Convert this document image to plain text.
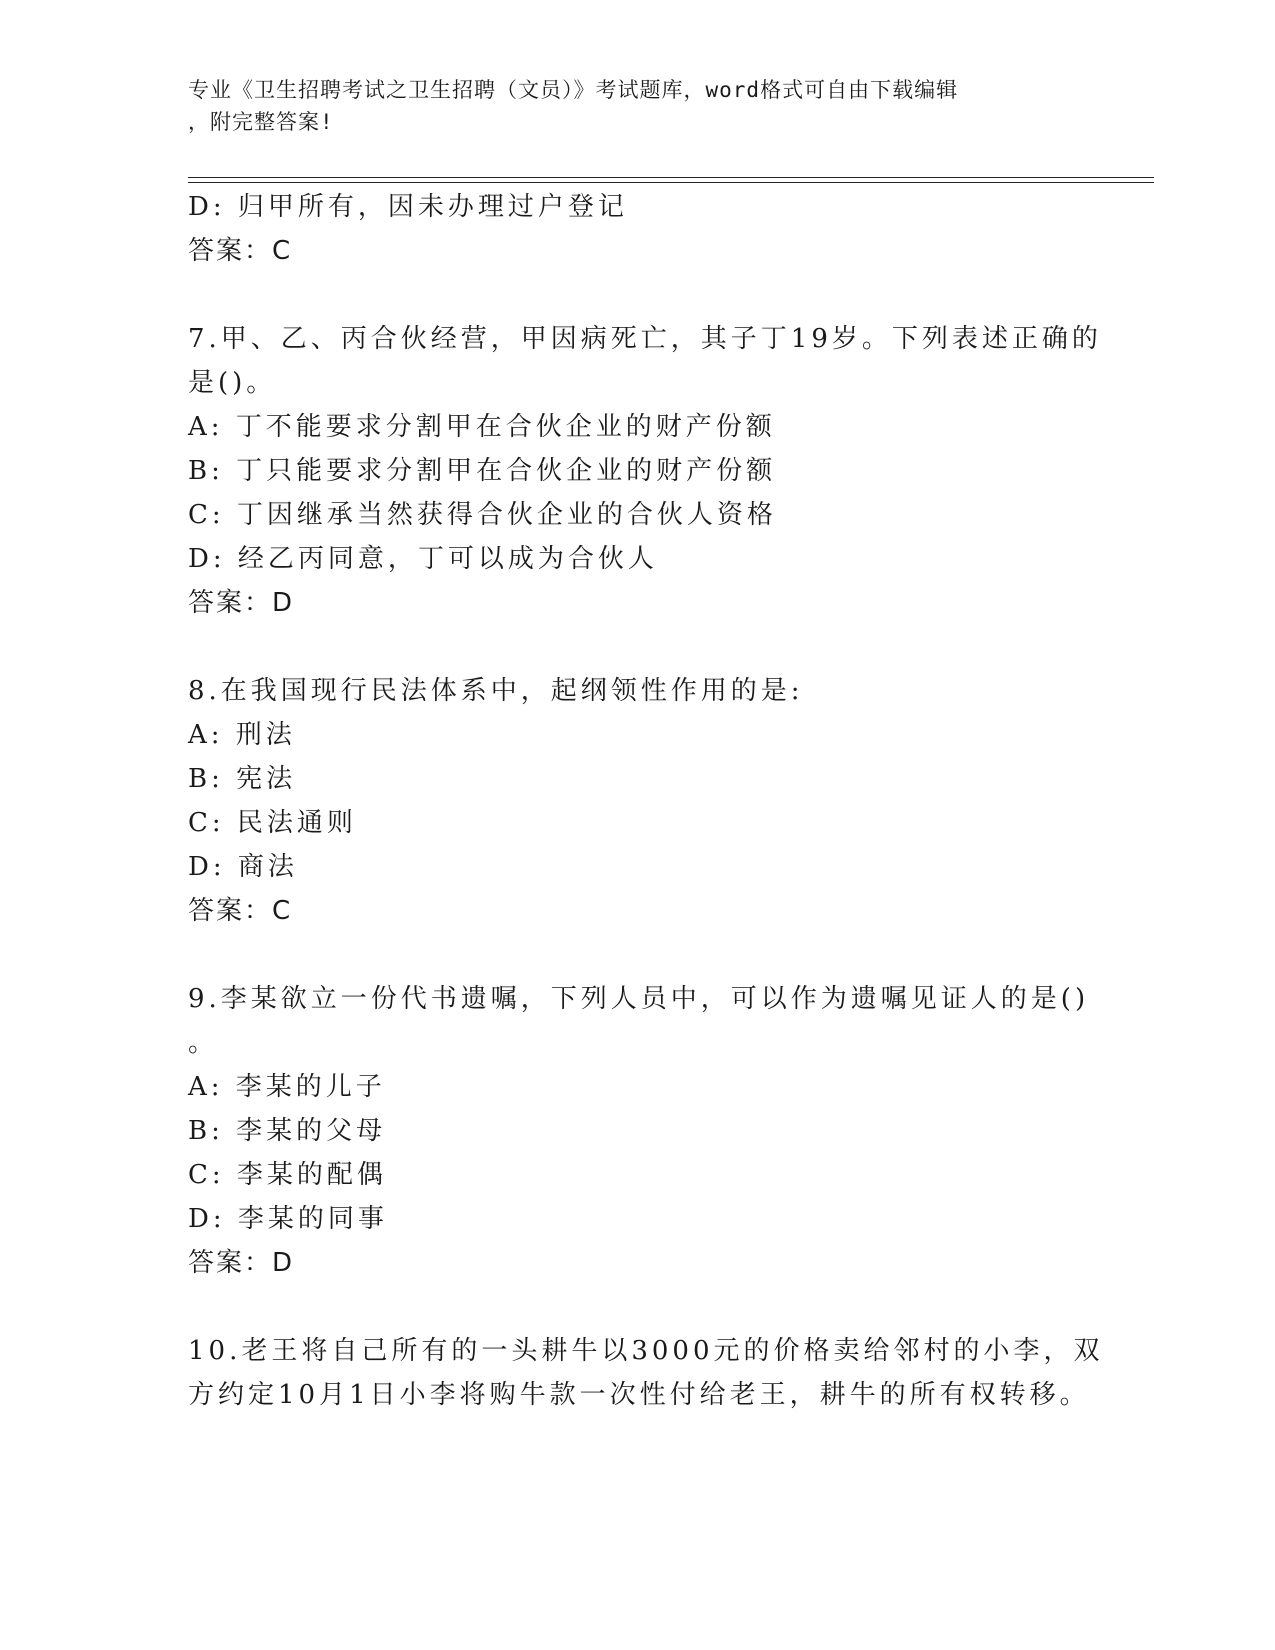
专业《卫生招聘考试之卫生招聘（文员）》考试题库，word格式可自由下载编辑
，附完整答案!
D: 归甲所有，因未办理过户登记
答案：C
7.甲、乙、丙合伙经营，甲因病死亡，其子丁19岁。下列表述正确的
是()。
A: 丁不能要求分割甲在合伙企业的财产份额
B: 丁只能要求分割甲在合伙企业的财产份额
C: 丁因继承当然获得合伙企业的合伙人资格
D: 经乙丙同意，丁可以成为合伙人
答案：D
8.在我国现行民法体系中，起纲领性作用的是:
A: 刑法
B: 宪法
C: 民法通则
D: 商法
答案：C
9.李某欲立一份代书遗嘱，下列人员中，可以作为遗嘱见证人的是()
。
A: 李某的儿子
B: 李某的父母
C: 李某的配偶
D: 李某的同事
答案：D
10.老王将自己所有的一头耕牛以3000元的价格卖给邻村的小李，双
方约定10月1日小李将购牛款一次性付给老王，耕牛的所有权转移。
